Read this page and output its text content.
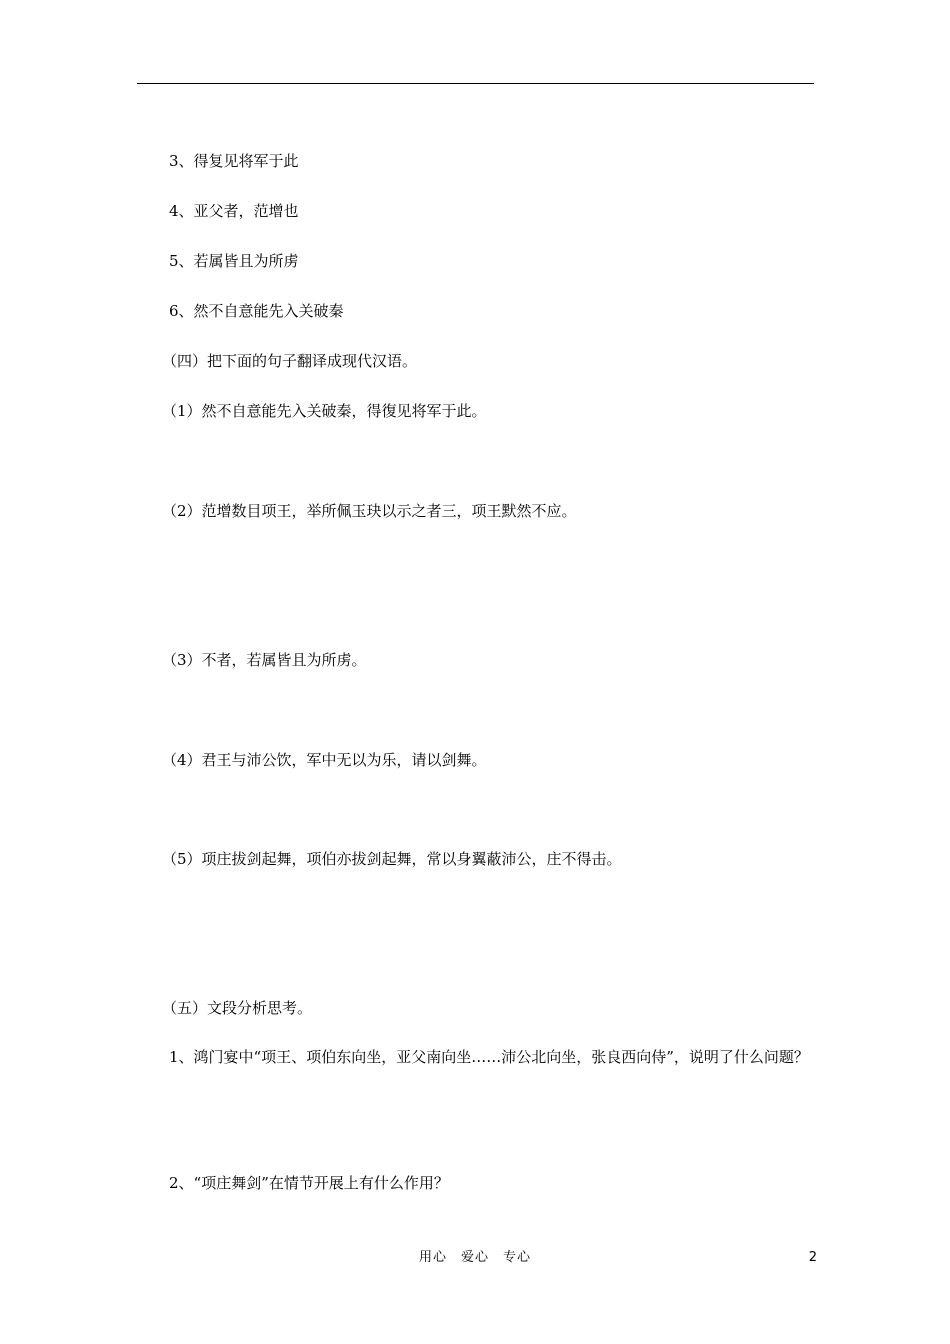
3、得复见将军于此
4、亚父者，范增也
5、若属皆且为所虏
6、然不自意能先入关破秦
（四）把下面的句子翻译成现代汉语。
（1）然不自意能先入关破秦，得復见将军于此。
（2）范增数目项王，举所佩玉玦以示之者三，项王默然不应。
（3）不者，若属皆且为所虏。
（4）君王与沛公饮，军中无以为乐，请以剑舞。
（5）项庄拔剑起舞，项伯亦拔剑起舞，常以身翼蔽沛公，庄不得击。
（五）文段分析思考。
1、鸿门宴中“项王、项伯东向坐，亚父南向坐……沛公北向坐，张良西向侍”，说明了什么问题？
2、“项庄舞剑”在情节开展上有什么作用？
用心　爱心　专心	2
